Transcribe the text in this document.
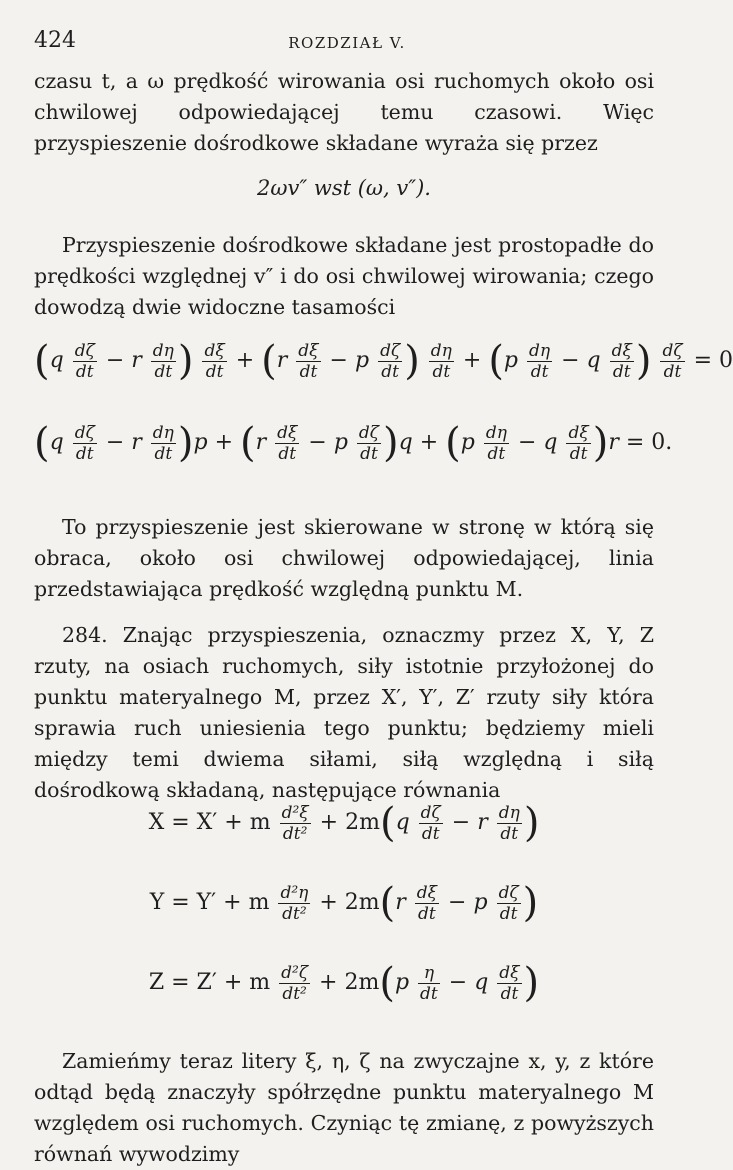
424	ROZDZIAŁ V.
czasu t, a ω prędkość wirowania osi ruchomych około osi chwilowej odpowiedającej temu czasowi. Więc przyspieszenie dośrodkowe składane wyraża się przez
2ωv″ wst (ω, v″).
Przyspieszenie dośrodkowe składane jest prostopadłe do prędkości względnej v″ i do osi chwilowej wirowania; czego dowodzą dwie widoczne tasamości
($q \frac{d\zeta}{dt} - r \frac{d\eta}{dt}$ ) $\frac{d\xi}{dt} + (r \frac{d\xi}{dt} - p \frac{d\zeta}{dt}$ ) $\frac{d\eta}{dt} + (p \frac{d\eta}{dt} - q \frac{d\xi}{dt}$ ) $\frac{d\zeta}{dt} = 0$
$(q \frac{d\zeta}{dt} - r \frac{d\eta}{dt} )p + (r \frac{d\xi}{dt} - p \frac{d\zeta}{dt} )q + (p \frac{d\eta}{dt} - q \frac{d\xi}{dt} )r = 0$.
To przyspieszenie jest skierowane w stronę w którą się obraca, około osi chwilowej odpowiedającej, linia przedstawiająca prędkość względną punktu M.
284. Znając przyspieszenia, oznaczmy przez X, Y, Z rzuty, na osiach ruchomych, siły istotnie przyłożonej do punktu materyalnego M, przez X′, Y′, Z′ rzuty siły która sprawia ruch uniesienia tego punktu; będziemy mieli między temi dwiema siłami, siłą względną i siłą dośrodkową składaną, następujące równania
X = X′ + m $\frac{\text{d²ξ}}{\text{dt²}} + 2m(q \frac{d\zeta}{dt} - r \frac{d\eta}{dt}$ )
Y = Y′ + m $\frac{\text{d²η}}{\text{dt²}} + 2m(r \frac{d\xi}{dt} - p \frac{d\zeta}{dt}$ )
Z = Z′ + m $\frac{\text{d²ζ}}{\text{dt²}} + 2m(p \frac{\eta}{dt} - q \frac{d\xi}{dt}$ )
Zamieńmy teraz litery ξ, η, ζ na zwyczajne x, y, z które odtąd będą znaczyły spółrzędne punktu materyalnego M względem osi ruchomych. Czyniąc tę zmianę, z powyższych równań wywodzimy
